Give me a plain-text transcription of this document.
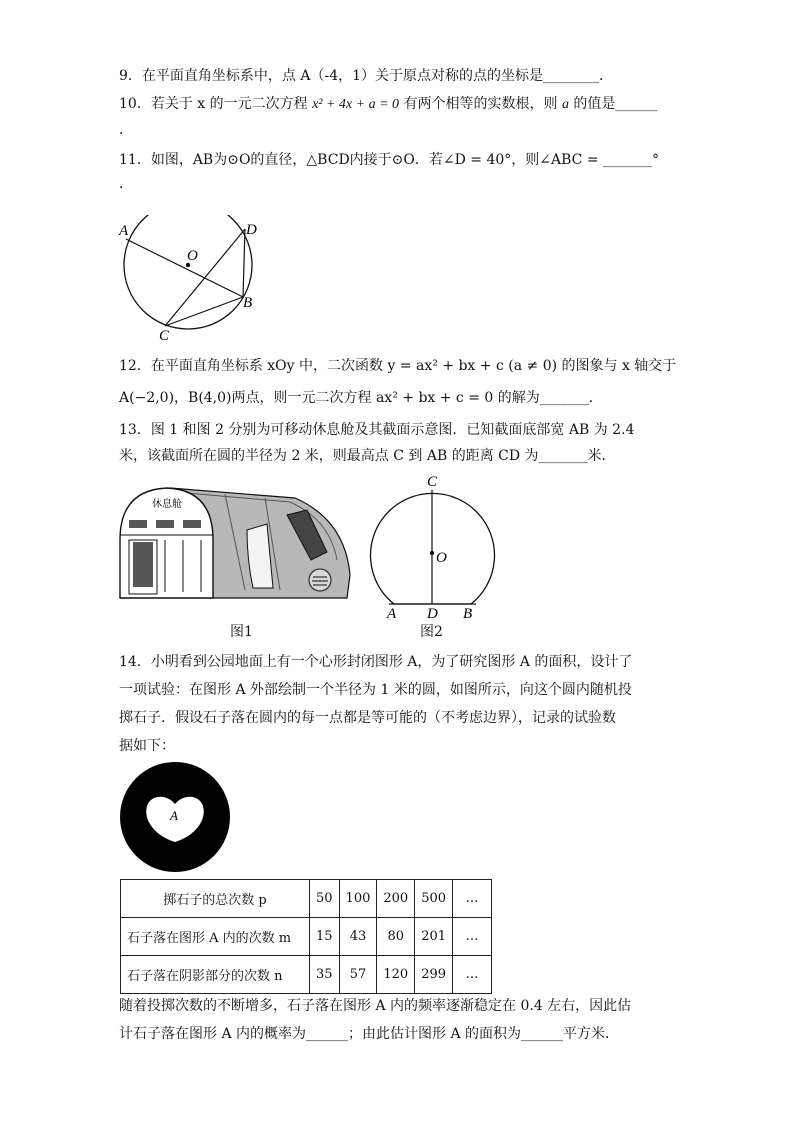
9．在平面直角坐标系中，点 A（-4，1）关于原点对称的点的坐标是________．
10．若关于 x 的一元二次方程 x² + 4x + a = 0 有两个相等的实数根，则 a 的值是______
．
11．如图，AB为⊙O的直径，△BCD内接于⊙O．若∠D = 40°，则∠ABC = _______°
．
A	D
O
B
C
12．在平面直角坐标系 xOy 中，二次函数 y = ax² + bx + c (a ≠ 0) 的图象与 x 轴交于
A(−2,0)，B(4,0)两点，则一元二次方程 ax² + bx + c = 0 的解为_______．
13．图 1 和图 2 分别为可移动休息舱及其截面示意图．已知截面底部宽 AB 为 2.4
米，该截面所在圆的半径为 2 米，则最高点 C 到 AB 的距离 CD 为_______米．
休息舱
图1
C
O
A D B
图2
14．小明看到公园地面上有一个心形封闭图形 A，为了研究图形 A 的面积，设计了
一项试验：在图形 A 外部绘制一个半径为 1 米的圆，如图所示，向这个圆内随机投
掷石子．假设石子落在圆内的每一点都是等可能的（不考虑边界），记录的试验数
据如下：
A
掷石子的总次数 p	50	100	200	500	…
石子落在图形 A 内的次数 m	15	43	80	201	…
石子落在阴影部分的次数 n	35	57	120	299	…
随着投掷次数的不断增多，石子落在图形 A 内的频率逐渐稳定在 0.4 左右，因此估
计石子落在图形 A 内的概率为______；由此估计图形 A 的面积为______平方米．
